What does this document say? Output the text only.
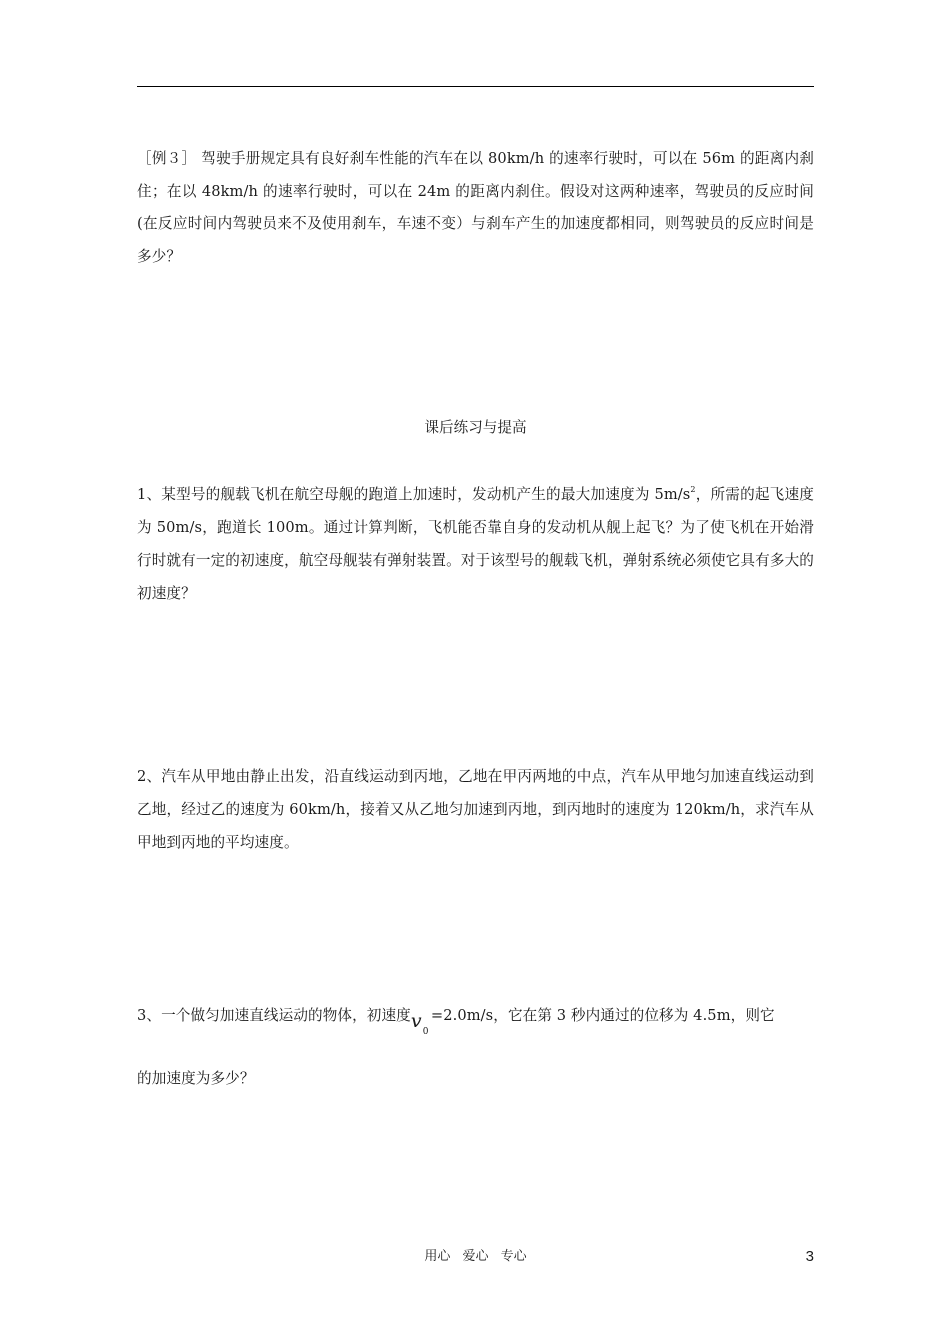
［例３］ 驾驶手册规定具有良好刹车性能的汽车在以 80km/h 的速率行驶时，可以在 56m 的距离内刹住；在以 48km/h 的速率行驶时，可以在 24m 的距离内刹住。假设对这两种速率，驾驶员的反应时间(在反应时间内驾驶员来不及使用刹车，车速不变）与刹车产生的加速度都相同，则驾驶员的反应时间是多少？
课后练习与提高
1、某型号的舰载飞机在航空母舰的跑道上加速时，发动机产生的最大加速度为 $5m/s^2$，所需的起飞速度为 50m/s，跑道长 100m。通过计算判断，飞机能否靠自身的发动机从舰上起飞？为了使飞机在开始滑行时就有一定的初速度，航空母舰装有弹射装置。对于该型号的舰载飞机，弹射系统必须使它具有多大的初速度？
2、汽车从甲地由静止出发，沿直线运动到丙地，乙地在甲丙两地的中点，汽车从甲地匀加速直线运动到乙地，经过乙的速度为 60km/h，接着又从乙地匀加速到丙地，到丙地时的速度为 120km/h，求汽车从甲地到丙地的平均速度。
3、一个做匀加速直线运动的物体，初速度$v_0=2.0m/s$，它在第 3 秒内通过的位移为 4.5m，则它
的加速度为多少？
用心 爱心 专心	3
